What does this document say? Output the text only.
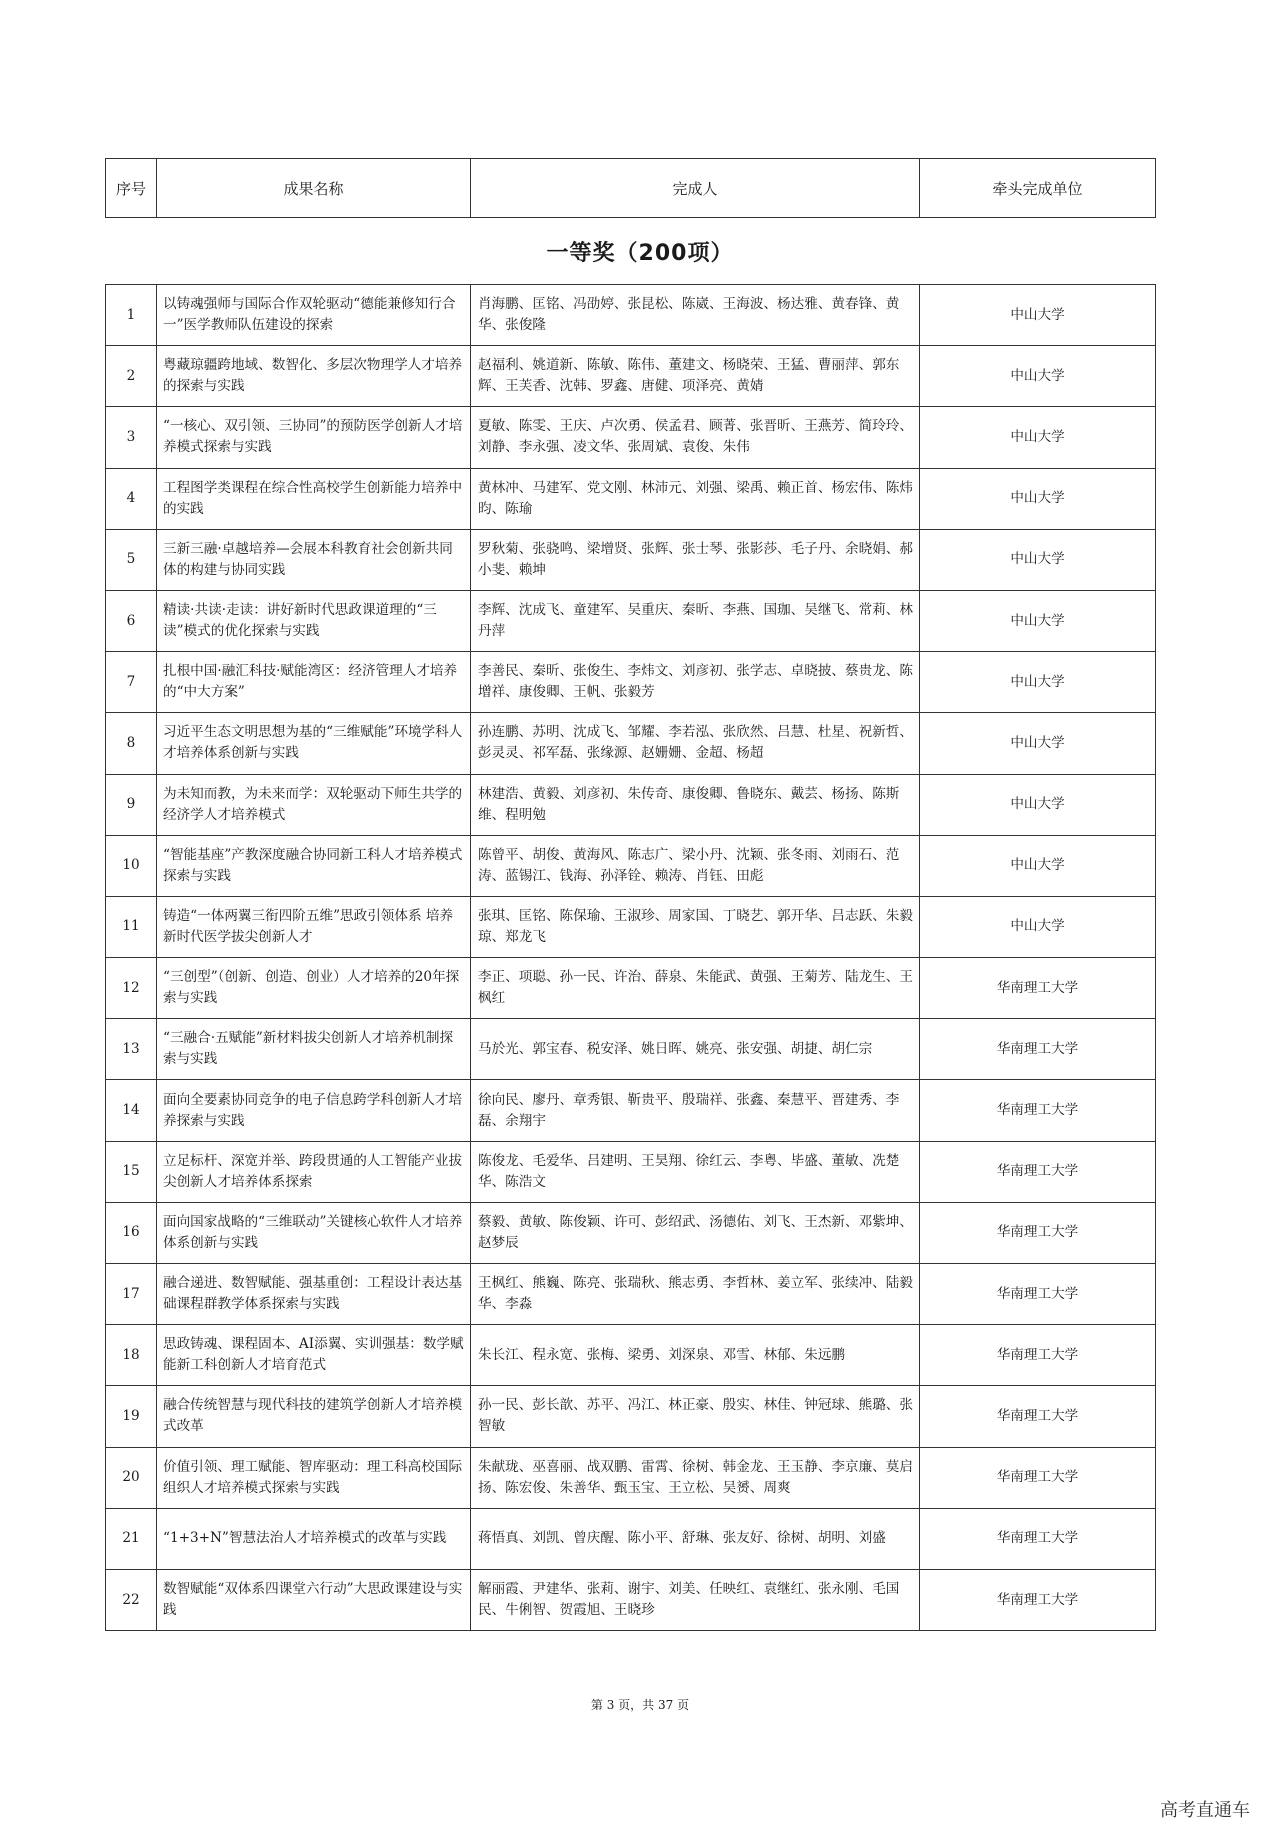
序号	成果名称	完成人	牵头完成单位
一等奖（200项）
1	以铸魂强师与国际合作双轮驱动“德能兼修知行合一”医学教师队伍建设的探索	肖海鹏、匡铭、冯劭婷、张昆松、陈崴、王海波、杨达雅、黄春锋、黄华、张俊隆	中山大学
2	粤藏琼疆跨地域、数智化、多层次物理学人才培养的探索与实践	赵福利、姚道新、陈敏、陈伟、董建文、杨晓荣、王猛、曹丽萍、郭东辉、王芙香、沈韩、罗鑫、唐健、项泽亮、黄婧	中山大学
3	“一核心、双引领、三协同”的预防医学创新人才培养模式探索与实践	夏敏、陈雯、王庆、卢次勇、侯孟君、顾菁、张晋昕、王燕芳、简玲玲、刘静、李永强、凌文华、张周斌、袁俊、朱伟	中山大学
4	工程图学类课程在综合性高校学生创新能力培养中的实践	黄林冲、马建军、党文刚、林沛元、刘强、梁禹、赖正首、杨宏伟、陈炜昀、陈瑜	中山大学
5	三新三融·卓越培养—会展本科教育社会创新共同体的构建与协同实践	罗秋菊、张骁鸣、梁增贤、张辉、张士琴、张影莎、毛子丹、余晓娟、郝小斐、赖坤	中山大学
6	精读·共读·走读：讲好新时代思政课道理的“三读”模式的优化探索与实践	李辉、沈成飞、童建军、吴重庆、秦昕、李燕、国珈、吴继飞、常莉、林丹萍	中山大学
7	扎根中国·融汇科技·赋能湾区：经济管理人才培养的“中大方案”	李善民、秦昕、张俊生、李炜文、刘彦初、张学志、卓晓披、蔡贵龙、陈增祥、康俊卿、王帆、张毅芳	中山大学
8	习近平生态文明思想为基的“三维赋能”环境学科人才培养体系创新与实践	孙连鹏、苏明、沈成飞、邹耀、李若泓、张欣然、吕慧、杜星、祝新哲、彭灵灵、祁军磊、张缘源、赵姗姗、金超、杨超	中山大学
9	为未知而教，为未来而学：双轮驱动下师生共学的经济学人才培养模式	林建浩、黄毅、刘彦初、朱传奇、康俊卿、鲁晓东、戴芸、杨扬、陈斯维、程明勉	中山大学
10	“智能基座”产教深度融合协同新工科人才培养模式探索与实践	陈曾平、胡俊、黄海风、陈志广、梁小丹、沈颖、张冬雨、刘雨石、范涛、蓝锡江、钱海、孙泽铨、赖涛、肖钰、田彪	中山大学
11	铸造“一体两翼三衔四阶五维”思政引领体系 培养新时代医学拔尖创新人才	张琪、匡铭、陈保瑜、王淑珍、周家国、丁晓艺、郭开华、吕志跃、朱毅琼、郑龙飞	中山大学
12	“三创型”（创新、创造、创业）人才培养的20年探索与实践	李正、项聪、孙一民、许治、薛泉、朱能武、黄强、王菊芳、陆龙生、王枫红	华南理工大学
13	“三融合·五赋能”新材料拔尖创新人才培养机制探索与实践	马於光、郭宝春、税安泽、姚日晖、姚亮、张安强、胡捷、胡仁宗	华南理工大学
14	面向全要素协同竞争的电子信息跨学科创新人才培养探索与实践	徐向民、廖丹、章秀银、靳贵平、殷瑞祥、张鑫、秦慧平、晋建秀、李磊、余翔宇	华南理工大学
15	立足标杆、深宽并举、跨段贯通的人工智能产业拔尖创新人才培养体系探索	陈俊龙、毛爱华、吕建明、王昊翔、徐红云、李粤、毕盛、董敏、冼楚华、陈浩文	华南理工大学
16	面向国家战略的“三维联动”关键核心软件人才培养体系创新与实践	蔡毅、黄敏、陈俊颖、许可、彭绍武、汤德佑、刘飞、王杰新、邓紫坤、赵梦辰	华南理工大学
17	融合递进、数智赋能、强基重创：工程设计表达基础课程群教学体系探索与实践	王枫红、熊巍、陈亮、张瑞秋、熊志勇、李哲林、姜立军、张续冲、陆毅华、李淼	华南理工大学
18	思政铸魂、课程固本、AI添翼、实训强基：数学赋能新工科创新人才培育范式	朱长江、程永宽、张梅、梁勇、刘深泉、邓雪、林郁、朱远鹏	华南理工大学
19	融合传统智慧与现代科技的建筑学创新人才培养模式改革	孙一民、彭长歆、苏平、冯江、林正豪、殷实、林佳、钟冠球、熊璐、张智敏	华南理工大学
20	价值引领、理工赋能、智库驱动：理工科高校国际组织人才培养模式探索与实践	朱献珑、巫喜丽、战双鹏、雷霄、徐树、韩金龙、王玉静、李京廉、莫启扬、陈宏俊、朱善华、甄玉宝、王立松、吴赟、周爽	华南理工大学
21	“1+3+N”智慧法治人才培养模式的改革与实践	蒋悟真、刘凯、曾庆醒、陈小平、舒琳、张友好、徐树、胡明、刘盛	华南理工大学
22	数智赋能“双体系四课堂六行动”大思政课建设与实践	解丽霞、尹建华、张莉、谢宇、刘美、任映红、袁继红、张永刚、毛国民、牛俐智、贺霞旭、王晓珍	华南理工大学
第 3 页，共 37 页
高考直通车
